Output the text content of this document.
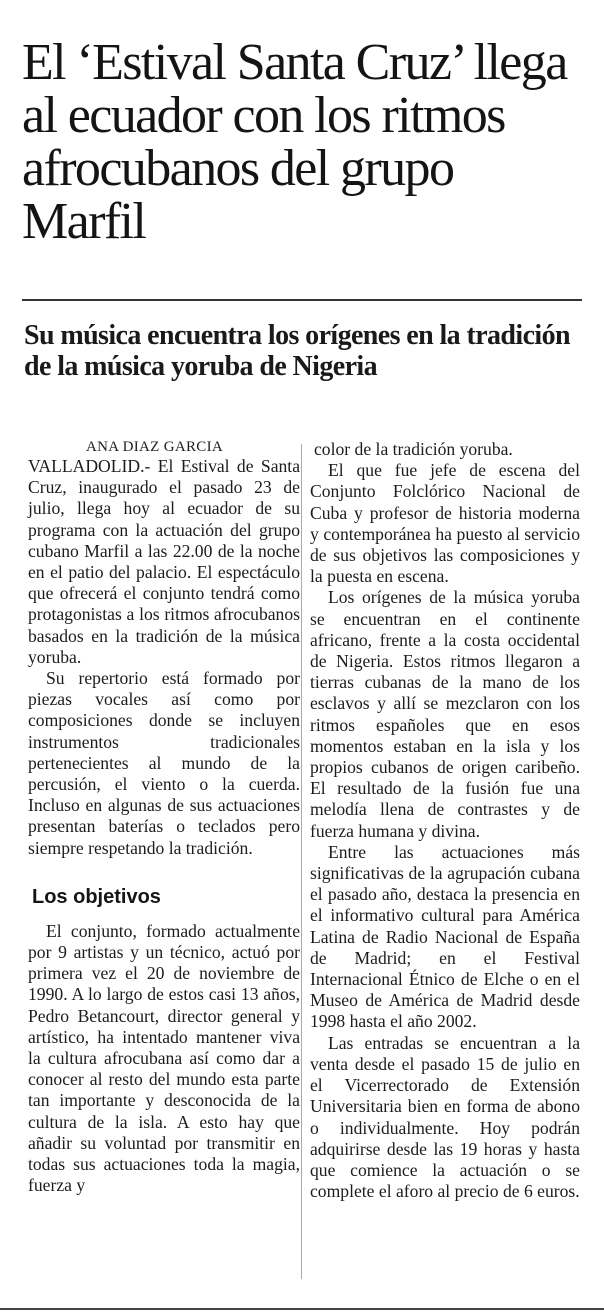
El ‘Estival Santa Cruz’ llega al ecuador con los ritmos afrocubanos del grupo Marfil
Su música encuentra los orígenes en la tradición de la música yoruba de Nigeria

ANA DIAZ GARCIA

VALLADOLID.- El Estival de Santa Cruz, inaugurado el pasado 23 de julio, llega hoy al ecuador de su programa con la actuación del grupo cubano Marfil a las 22.00 de la noche en el patio del palacio. El espectáculo que ofrecerá el conjunto tendrá como protagonistas a los ritmos afrocubanos basados en la tradición de la música yoruba.

Su repertorio está formado por piezas vocales así como por composiciones donde se incluyen instrumentos tradicionales pertenecientes al mundo de la percusión, el viento o la cuerda. Incluso en algunas de sus actuaciones presentan baterías o teclados pero siempre respetando la tradición.

Los objetivos

El conjunto, formado actualmente por 9 artistas y un técnico, actuó por primera vez el 20 de noviembre de 1990. A lo largo de estos casi 13 años, Pedro Betancourt, director general y artístico, ha intentado mantener viva la cultura afrocubana así como dar a conocer al resto del mundo esta parte tan importante y desconocida de la cultura de la isla. A esto hay que añadir su voluntad por transmitir en todas sus actuaciones toda la magia, fuerza y

color de la tradición yoruba.

El que fue jefe de escena del Conjunto Folclórico Nacional de Cuba y profesor de historia moderna y contemporánea ha puesto al servicio de sus objetivos las composiciones y la puesta en escena.

Los orígenes de la música yoruba se encuentran en el continente africano, frente a la costa occidental de Nigeria. Estos ritmos llegaron a tierras cubanas de la mano de los esclavos y allí se mezclaron con los ritmos españoles que en esos momentos estaban en la isla y los propios cubanos de origen caribeño. El resultado de la fusión fue una melodía llena de contrastes y de fuerza humana y divina.

Entre las actuaciones más significativas de la agrupación cubana el pasado año, destaca la presencia en el informativo cultural para América Latina de Radio Nacional de España de Madrid; en el Festival Internacional Étnico de Elche o en el Museo de América de Madrid desde 1998 hasta el año 2002.

Las entradas se encuentran a la venta desde el pasado 15 de julio en el Vicerrectorado de Extensión Universitaria bien en forma de abono o individualmente. Hoy podrán adquirirse desde las 19 horas y hasta que comience la actuación o se complete el aforo al precio de 6 euros.
